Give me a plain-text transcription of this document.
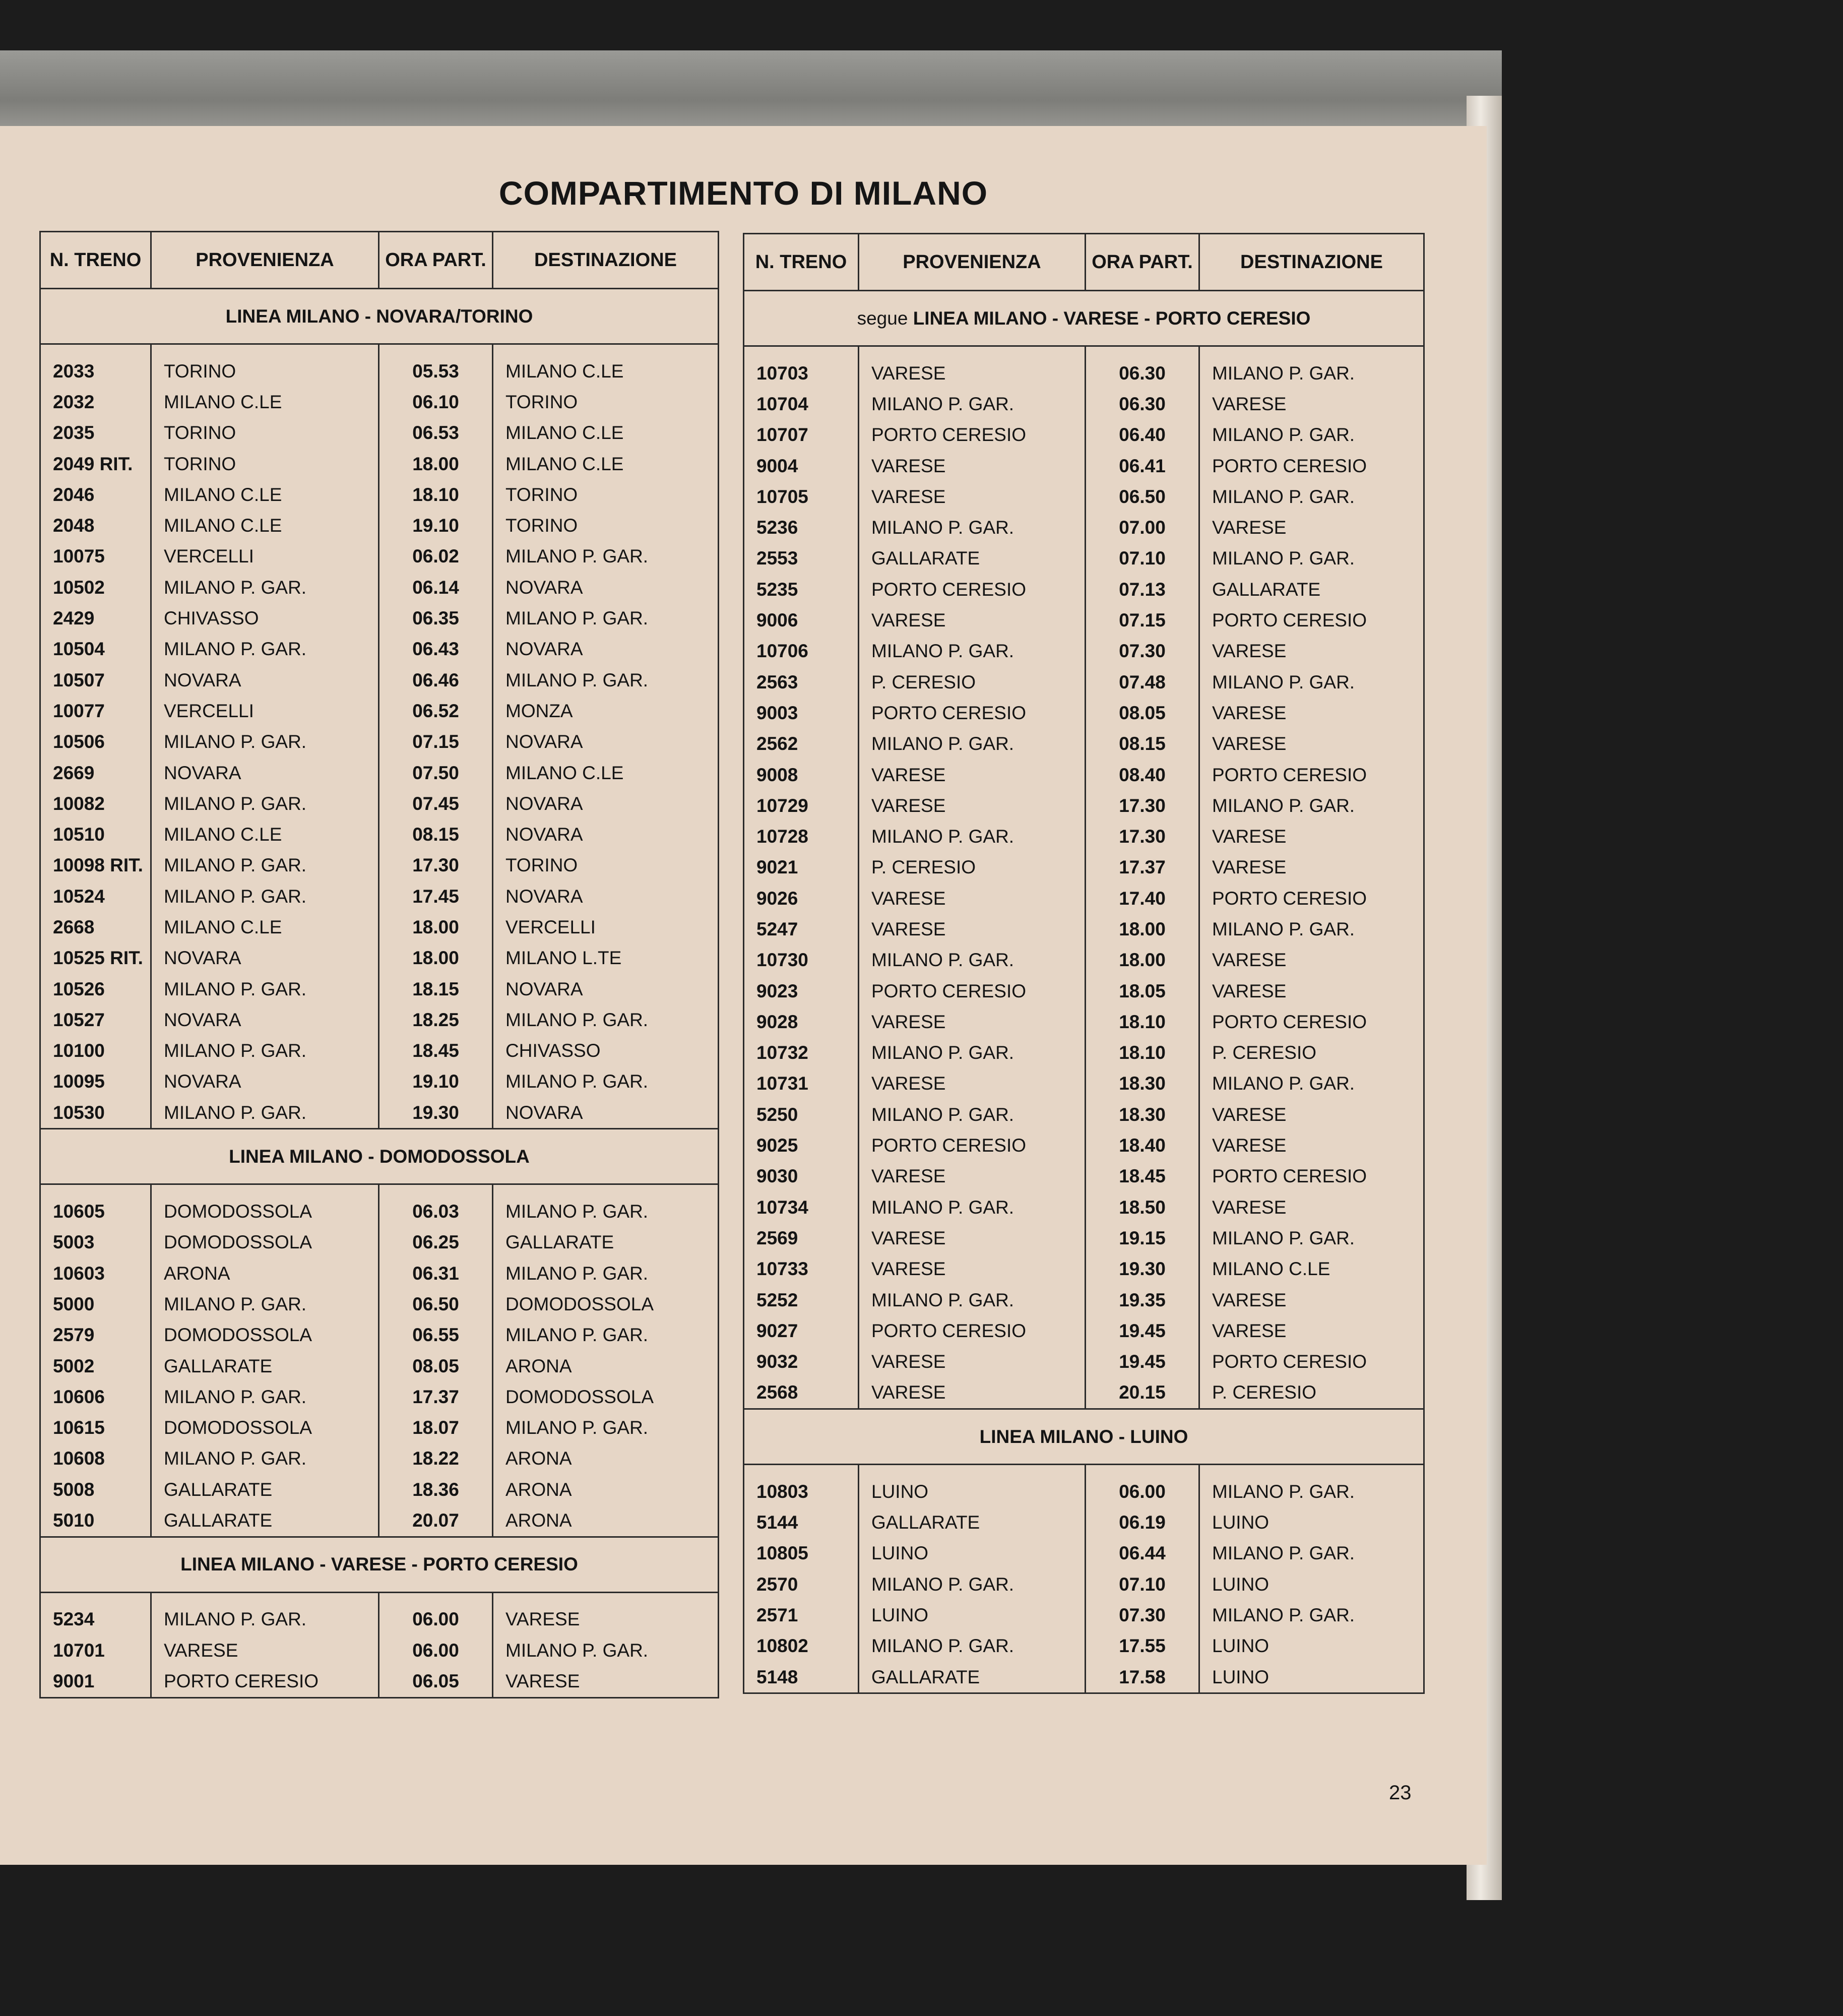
COMPARTIMENTO DI MILANO
N. TRENO	PROVENIENZA	ORA PART.	DESTINAZIONE
LINEA MILANO - NOVARA/TORINO			

2033	TORINO	05.53	MILANO C.LE
2032	MILANO C.LE	06.10	TORINO
2035	TORINO	06.53	MILANO C.LE
2049 RIT.	TORINO	18.00	MILANO C.LE
2046	MILANO C.LE	18.10	TORINO
2048	MILANO C.LE	19.10	TORINO
10075	VERCELLI	06.02	MILANO P. GAR.
10502	MILANO P. GAR.	06.14	NOVARA
2429	CHIVASSO	06.35	MILANO P. GAR.
10504	MILANO P. GAR.	06.43	NOVARA
10507	NOVARA	06.46	MILANO P. GAR.
10077	VERCELLI	06.52	MONZA
10506	MILANO P. GAR.	07.15	NOVARA
2669	NOVARA	07.50	MILANO C.LE
10082	MILANO P. GAR.	07.45	NOVARA
10510	MILANO C.LE	08.15	NOVARA
10098 RIT.	MILANO P. GAR.	17.30	TORINO
10524	MILANO P. GAR.	17.45	NOVARA
2668	MILANO C.LE	18.00	VERCELLI
10525 RIT.	NOVARA	18.00	MILANO L.TE
10526	MILANO P. GAR.	18.15	NOVARA
10527	NOVARA	18.25	MILANO P. GAR.
10100	MILANO P. GAR.	18.45	CHIVASSO
10095	NOVARA	19.10	MILANO P. GAR.
10530	MILANO P. GAR.	19.30	NOVARA
LINEA MILANO - DOMODOSSOLA			

10605	DOMODOSSOLA	06.03	MILANO P. GAR.
5003	DOMODOSSOLA	06.25	GALLARATE
10603	ARONA	06.31	MILANO P. GAR.
5000	MILANO P. GAR.	06.50	DOMODOSSOLA
2579	DOMODOSSOLA	06.55	MILANO P. GAR.
5002	GALLARATE	08.05	ARONA
10606	MILANO P. GAR.	17.37	DOMODOSSOLA
10615	DOMODOSSOLA	18.07	MILANO P. GAR.
10608	MILANO P. GAR.	18.22	ARONA
5008	GALLARATE	18.36	ARONA
5010	GALLARATE	20.07	ARONA
LINEA MILANO - VARESE - PORTO CERESIO			

5234	MILANO P. GAR.	06.00	VARESE
10701	VARESE	06.00	MILANO P. GAR.
9001	PORTO CERESIO	06.05	VARESE
N. TRENO	PROVENIENZA	ORA PART.	DESTINAZIONE
segue LINEA MILANO - VARESE - PORTO CERESIO			

10703	VARESE	06.30	MILANO P. GAR.
10704	MILANO P. GAR.	06.30	VARESE
10707	PORTO CERESIO	06.40	MILANO P. GAR.
9004	VARESE	06.41	PORTO CERESIO
10705	VARESE	06.50	MILANO P. GAR.
5236	MILANO P. GAR.	07.00	VARESE
2553	GALLARATE	07.10	MILANO P. GAR.
5235	PORTO CERESIO	07.13	GALLARATE
9006	VARESE	07.15	PORTO CERESIO
10706	MILANO P. GAR.	07.30	VARESE
2563	P. CERESIO	07.48	MILANO P. GAR.
9003	PORTO CERESIO	08.05	VARESE
2562	MILANO P. GAR.	08.15	VARESE
9008	VARESE	08.40	PORTO CERESIO
10729	VARESE	17.30	MILANO P. GAR.
10728	MILANO P. GAR.	17.30	VARESE
9021	P. CERESIO	17.37	VARESE
9026	VARESE	17.40	PORTO CERESIO
5247	VARESE	18.00	MILANO P. GAR.
10730	MILANO P. GAR.	18.00	VARESE
9023	PORTO CERESIO	18.05	VARESE
9028	VARESE	18.10	PORTO CERESIO
10732	MILANO P. GAR.	18.10	P. CERESIO
10731	VARESE	18.30	MILANO P. GAR.
5250	MILANO P. GAR.	18.30	VARESE
9025	PORTO CERESIO	18.40	VARESE
9030	VARESE	18.45	PORTO CERESIO
10734	MILANO P. GAR.	18.50	VARESE
2569	VARESE	19.15	MILANO P. GAR.
10733	VARESE	19.30	MILANO C.LE
5252	MILANO P. GAR.	19.35	VARESE
9027	PORTO CERESIO	19.45	VARESE
9032	VARESE	19.45	PORTO CERESIO
2568	VARESE	20.15	P. CERESIO
LINEA MILANO - LUINO			

10803	LUINO	06.00	MILANO P. GAR.
5144	GALLARATE	06.19	LUINO
10805	LUINO	06.44	MILANO P. GAR.
2570	MILANO P. GAR.	07.10	LUINO
2571	LUINO	07.30	MILANO P. GAR.
10802	MILANO P. GAR.	17.55	LUINO
5148	GALLARATE	17.58	LUINO
23
